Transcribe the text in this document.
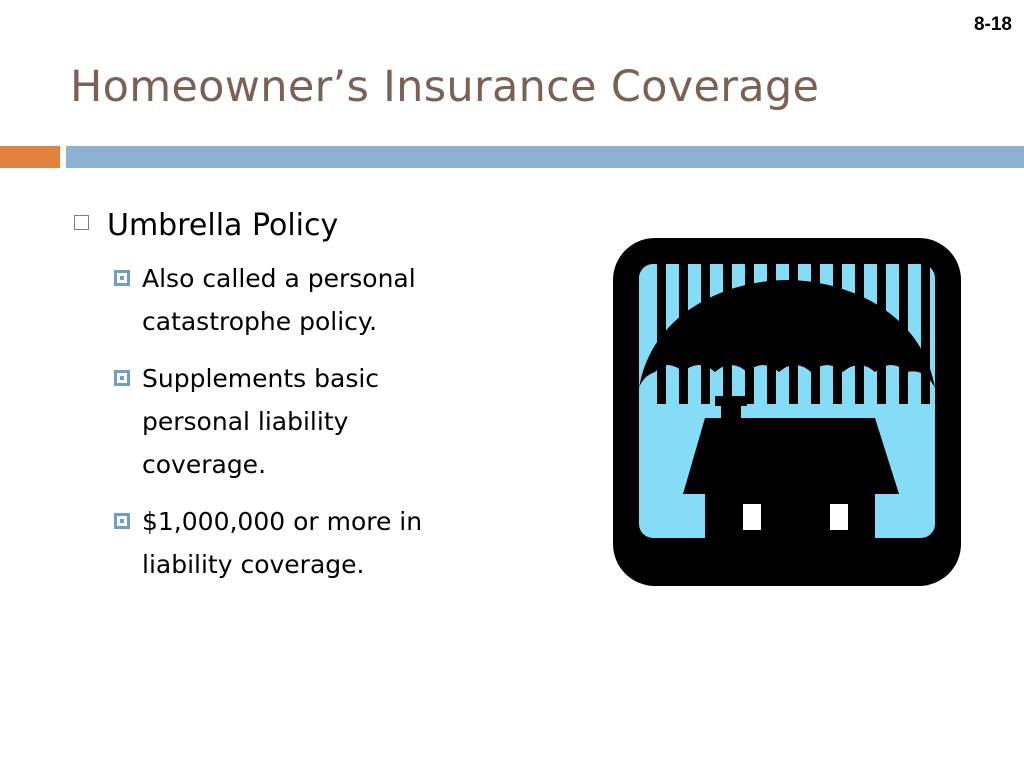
8-18
Homeowner’s Insurance Coverage
Umbrella Policy
Also called a personal catastrophe policy.
Supplements basic personal liability coverage.
$1,000,000 or more in liability coverage.
